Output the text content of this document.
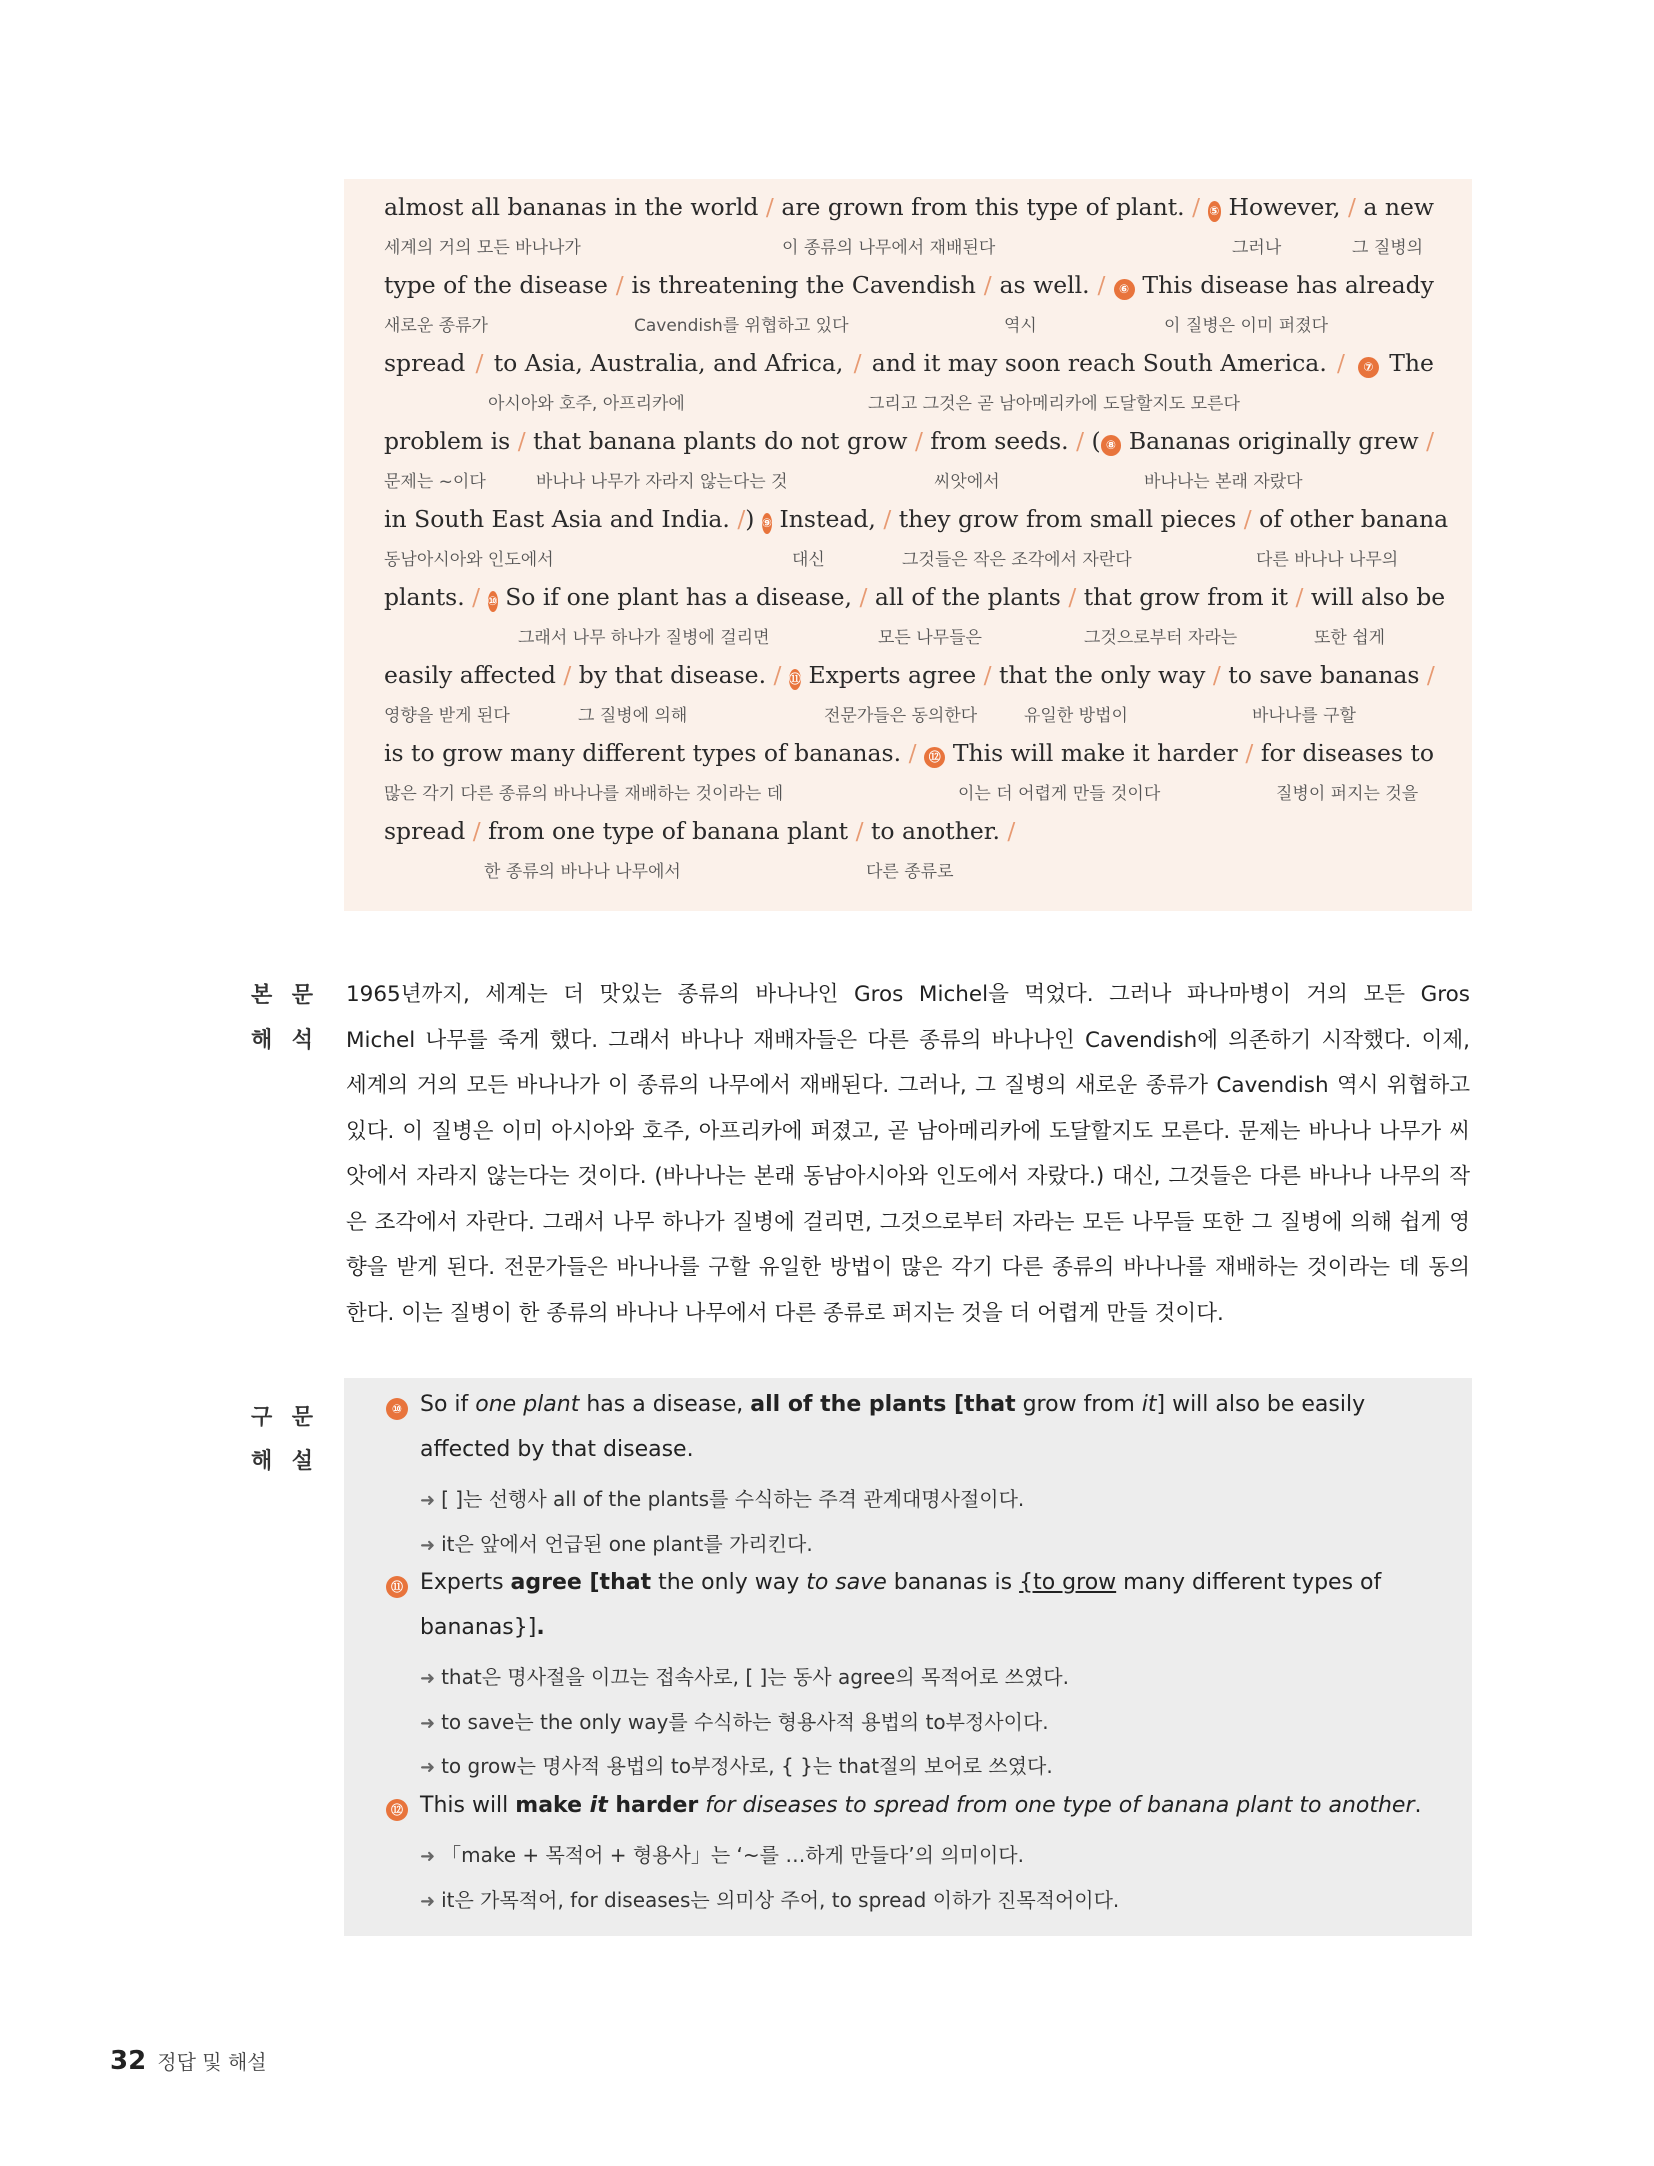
almost all bananas in the world / are grown from this type of plant. /
⑤ However, / a new
세계의 거의 모든 바나나가	이 종류의 나무에서 재배된다	그러나	그 질병의
type of the disease / is threatening the Cavendish / as well. /
	⑥ This disease has already
새로운 종류가	Cavendish를 위협하고 있다	역시	이 질병은 이미 퍼졌다
spread / to Asia, Australia, and Africa, / and it may soon reach South America. /
	⑦ The
아시아와 호주, 아프리카에	그리고 그것은 곧 남아메리카에 도달할지도 모른다
problem is / that banana plants do not grow / from seeds. / ( ⑧ Bananas originally grew /
문제는 ~이다	바나나 나무가 자라지 않는다는 것	씨앗에서	바나나는 본래 자랐다
in South East Asia and India. / ) ⑨ Instead, / they grow from small pieces / of other banana
동남아시아와 인도에서	대신	그것들은 작은 조각에서 자란다	다른 바나나 나무의
plants. /
⑩ So if one plant has a disease, / all of the plants / that grow from it / will also be
그래서 나무 하나가 질병에 걸리면	모든 나무들은	그것으로부터 자라는	또한 쉽게
easily affected / by that disease. /
⑪ Experts agree / that the only way / to save bananas /
영향을 받게 된다	그 질병에 의해	전문가들은 동의한다	유일한 방법이	바나나를 구할
is to grow many different types of bananas. /
	⑫ This will make it harder / for diseases to
많은 각기 다른 종류의 바나나를 재배하는 것이라는 데	이는 더 어렵게 만들 것이다	질병이 퍼지는 것을
spread / from one type of banana plant / to another. /
한 종류의 바나나 나무에서	다른 종류로
본 문
해 석
1965년까지, 세계는 더 맛있는 종류의 바나나인 Gros Michel을 먹었다. 그러나 파나마병이 거의 모든 Gros
Michel 나무를 죽게 했다. 그래서 바나나 재배자들은 다른 종류의 바나나인 Cavendish에 의존하기 시작했다. 이제,
세계의 거의 모든 바나나가 이 종류의 나무에서 재배된다. 그러나, 그 질병의 새로운 종류가 Cavendish 역시 위협하고
있다. 이 질병은 이미 아시아와 호주, 아프리카에 퍼졌고, 곧 남아메리카에 도달할지도 모른다. 문제는 바나나 나무가 씨
앗에서 자라지 않는다는 것이다. (바나나는 본래 동남아시아와 인도에서 자랐다.) 대신, 그것들은 다른 바나나 나무의 작
은 조각에서 자란다. 그래서 나무 하나가 질병에 걸리면, 그것으로부터 자라는 모든 나무들 또한 그 질병에 의해 쉽게 영
향을 받게 된다. 전문가들은 바나나를 구할 유일한 방법이 많은 각기 다른 종류의 바나나를 재배하는 것이라는 데 동의
한다. 이는 질병이 한 종류의 바나나 나무에서 다른 종류로 퍼지는 것을 더 어렵게 만들 것이다.
구 문
해 설
⑩ So if one plant has a disease, all of the plants [that grow from it] will also be easily
affected by that disease.
➜ [ ]는 선행사 all of the plants를 수식하는 주격 관계대명사절이다.
➜ it은 앞에서 언급된 one plant를 가리킨다.
⑪ Experts agree [that the only way to save bananas is {to grow many different types of
bananas}].
➜ that은 명사절을 이끄는 접속사로, [ ]는 동사 agree의 목적어로 쓰였다.
➜ to save는 the only way를 수식하는 형용사적 용법의 to부정사이다.
➜ to grow는 명사적 용법의 to부정사로, { }는 that절의 보어로 쓰였다.
⑫ This will make it harder for diseases to spread from one type of banana plant to another.
➜ 「make + 목적어 + 형용사」는 ‘~를 …하게 만들다’의 의미이다.
➜ it은 가목적어, for diseases는 의미상 주어, to spread 이하가 진목적어이다.
32 정답 및 해설
